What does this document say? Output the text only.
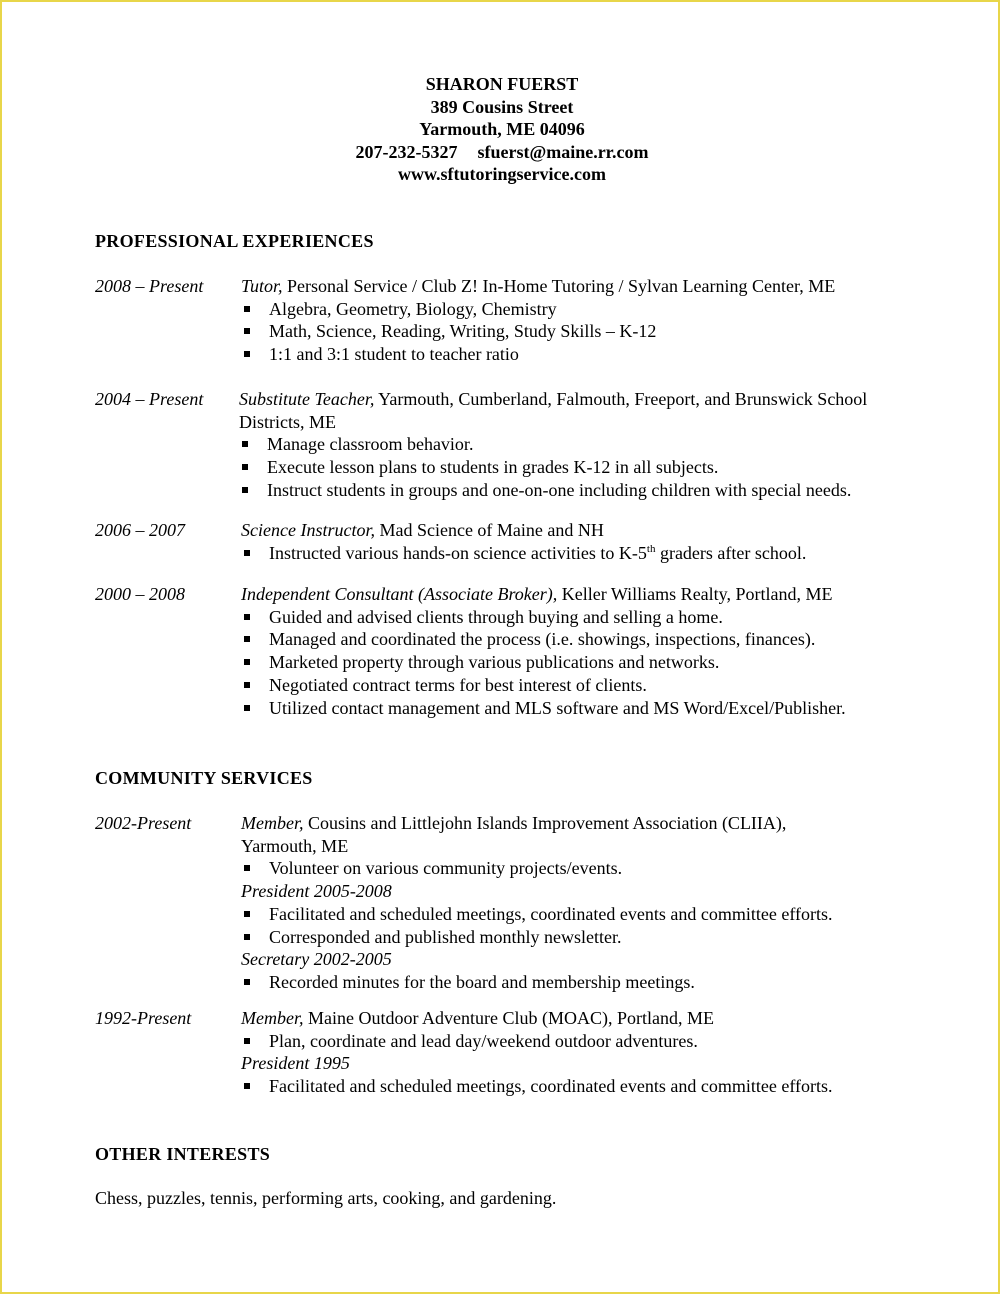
SHARON FUERST
389 Cousins Street
Yarmouth, ME 04096
207-232-5327 sfuerst@maine.rr.com
www.sftutoringservice.com
PROFESSIONAL EXPERIENCES
2008 – Present Tutor, Personal Service / Club Z! In-Home Tutoring / Sylvan Learning Center, ME
Algebra, Geometry, Biology, Chemistry
Math, Science, Reading, Writing, Study Skills – K-12
1:1 and 3:1 student to teacher ratio
2004 – Present Substitute Teacher, Yarmouth, Cumberland, Falmouth, Freeport, and Brunswick School Districts, ME
Manage classroom behavior.
Execute lesson plans to students in grades K-12 in all subjects.
Instruct students in groups and one-on-one including children with special needs.
2006 – 2007	Science Instructor, Mad Science of Maine and NH
Instructed various hands-on science activities to K-5th graders after school.
2000 – 2008	Independent Consultant (Associate Broker), Keller Williams Realty, Portland, ME
Guided and advised clients through buying and selling a home.
Managed and coordinated the process (i.e. showings, inspections, finances).
Marketed property through various publications and networks.
Negotiated contract terms for best interest of clients.
Utilized contact management and MLS software and MS Word/Excel/Publisher.
COMMUNITY SERVICES
2002-Present	Member, Cousins and Littlejohn Islands Improvement Association (CLIIA), Yarmouth, ME
Volunteer on various community projects/events.
President 2005-2008
Facilitated and scheduled meetings, coordinated events and committee efforts.
Corresponded and published monthly newsletter.
Secretary 2002-2005
Recorded minutes for the board and membership meetings.
1992-Present	Member, Maine Outdoor Adventure Club (MOAC), Portland, ME
Plan, coordinate and lead day/weekend outdoor adventures.
President 1995
Facilitated and scheduled meetings, coordinated events and committee efforts.
OTHER INTERESTS
Chess, puzzles, tennis, performing arts, cooking, and gardening.
